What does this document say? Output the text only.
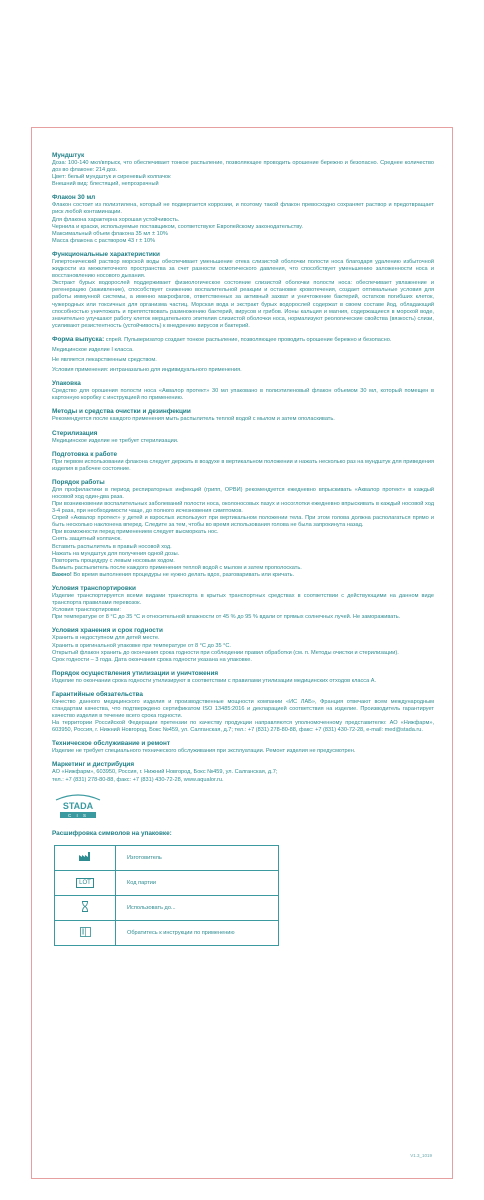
Мундштук
Доза: 100-140 мкл/впрыск, что обеспечивает тонкое распыление, позволяющее проводить орошение бережно и безопасно. Среднее количество доз во флаконе: 214 доз.
Цвет: белый мундштук и сиреневый колпачок
Внешний вид: блестящий, непрозрачный
Флакон 30 мл
Флакон состоит из полиэтилена, который не подвергается коррозии, и поэтому такой флакон превосходно сохраняет раствор и предотвращает риск любой контаминации.
Для флакона характерна хорошая устойчивость.
Чернила и краски, используемые поставщиком, соответствуют Европейскому законодательству.
Максимальный объем флакона 35 мл ± 10%
Масса флакона с раствором 43 г ± 10%
Функциональные характеристики
Гипертонический раствор морской воды обеспечивает уменьшение отека слизистой оболочки полости носа благодаря удалению избыточной жидкости из межклеточного пространства за счет разности осмотического давления, что способствует уменьшению заложенности носа и восстановлению носового дыхания.
Экстракт бурых водорослей поддерживает физиологическое состояние слизистой оболочки полости носа: обеспечивает увлажнение и регенерацию (заживление), способствует снижению воспалительной реакции и остановке кровотечения, создает оптимальные условия для работы иммунной системы, а именно макрофагов, ответственных за активный захват и уничтожение бактерий, остатков погибших клеток, чужеродных или токсичных для организма частиц. Морская вода и экстракт бурых водорослей содержат в своем составе йод, обладающий способностью уничтожать и препятствовать размножению бактерий, вирусов и грибов. Ионы кальция и магния, содержащиеся в морской воде, значительно улучшают работу клеток мерцательного эпителия слизистой оболочки носа, нормализуют реологические свойства (вязкость) слизи, усиливают резистентность (устойчивость) к внедрению вирусов и бактерий.
Форма выпуска: спрей. Пульверизатор создает тонкое распыление, позволяющее проводить орошение бережно и безопасно.
Медицинское изделие I класса.
Не является лекарственным средством.
Условия применения: интраназально для индивидуального применения.
Упаковка
Средство для орошения полости носа «Аквалор протект» 30 мл упаковано в полиэтиленовый флакон объемом 30 мл, который помещен в картонную коробку с инструкцией по применению.
Методы и средства очистки и дезинфекции
Рекомендуется после каждого применения мыть распылитель теплой водой с мылом и затем ополаскивать.
Стерилизация
Медицинское изделие не требует стерилизации.
Подготовка к работе
При первом использовании флакона следует держать в воздухе в вертикальном положении и нажать несколько раз на мундштук для приведения изделия в рабочее состояние.
Порядок работы
Для профилактики в период респираторных инфекций (грипп, ОРВИ) рекомендуется ежедневно впрыскивать «Аквалор протект» в каждый носовой ход один-два раза.
При возникновении воспалительных заболеваний полости носа, околоносовых пазух и носоглотки ежедневно впрыскивать в каждый носовой ход 3-4 раза, при необходимости чаще, до полного исчезновения симптомов.
Спрей «Аквалор протект» у детей и взрослых используют при вертикальном положении тела. При этом голова должна располагаться прямо и быть несколько наклонена вперед. Следите за тем, чтобы во время использования голова не была запрокинута назад.
При возможности перед применением следует высморкать нос.
Снять защитный колпачок.
Вставить распылитель в правый носовой ход.
Нажать на мундштук для получения одной дозы.
Повторить процедуру с левым носовым ходом.
Вымыть распылитель после каждого применения теплой водой с мылом и затем прополоскать.
Важно! Во время выполнения процедуры не нужно делать вдох, разговаривать или кричать.
Условия транспортировки
Изделие транспортируется всеми видами транспорта в крытых транспортных средствах в соответствии с действующими на данном виде транспорта правилами перевозок.
Условия транспортировки:
При температуре от 8 °С до 35 °С и относительной влажности от 45 % до 95 % вдали от прямых солнечных лучей. Не замораживать.
Условия хранения и срок годности
Хранить в недоступном для детей месте.
Хранить в оригинальной упаковке при температуре от 8 °С до 35 °С.
Открытый флакон хранить до окончания срока годности при соблюдении правил обработки (см. п. Методы очистки и стерилизации).
Срок годности – 3 года. Дата окончания срока годности указана на упаковке.
Порядок осуществления утилизации и уничтожения
Изделие по окончании срока годности утилизируют в соответствии с правилами утилизации медицинских отходов класса А.
Гарантийные обязательства
Качество данного медицинского изделия и производственные мощности компании «ИС ЛАБ», Франция отвечают всем международным стандартам качества, что подтверждено сертификатом ISO 13485:2016 и декларацией соответствия на изделие. Производитель гарантирует качество изделия в течение всего срока годности.
На территории Российской Федерации претензии по качеству продукции направляются уполномоченному представителю: АО «Нижфарм», 603950, Россия, г. Нижний Новгород, Бокс №459, ул. Салганская, д.7; тел.: +7 (831) 278-80-88, факс: +7 (831) 430-72-28, e-mail: med@stada.ru.
Техническое обслуживание и ремонт
Изделие не требует специального технического обслуживания при эксплуатации. Ремонт изделия не предусмотрен.
Маркетинг и дистрибуция
АО «Нижфарм», 603950, Россия, г. Нижний Новгород, Бокс №459, ул. Салганская, д.7;
тел.: +7 (831) 278-80-88, факс: +7 (831) 430-72-28, www.aqualor.ru.
STADA
C I S
Расшифровка символов на упаковке:
	Изготовитель
LOT	Код партии
	Использовать до...
	Обратитесь к инструкции по применению
V1.3_1019
